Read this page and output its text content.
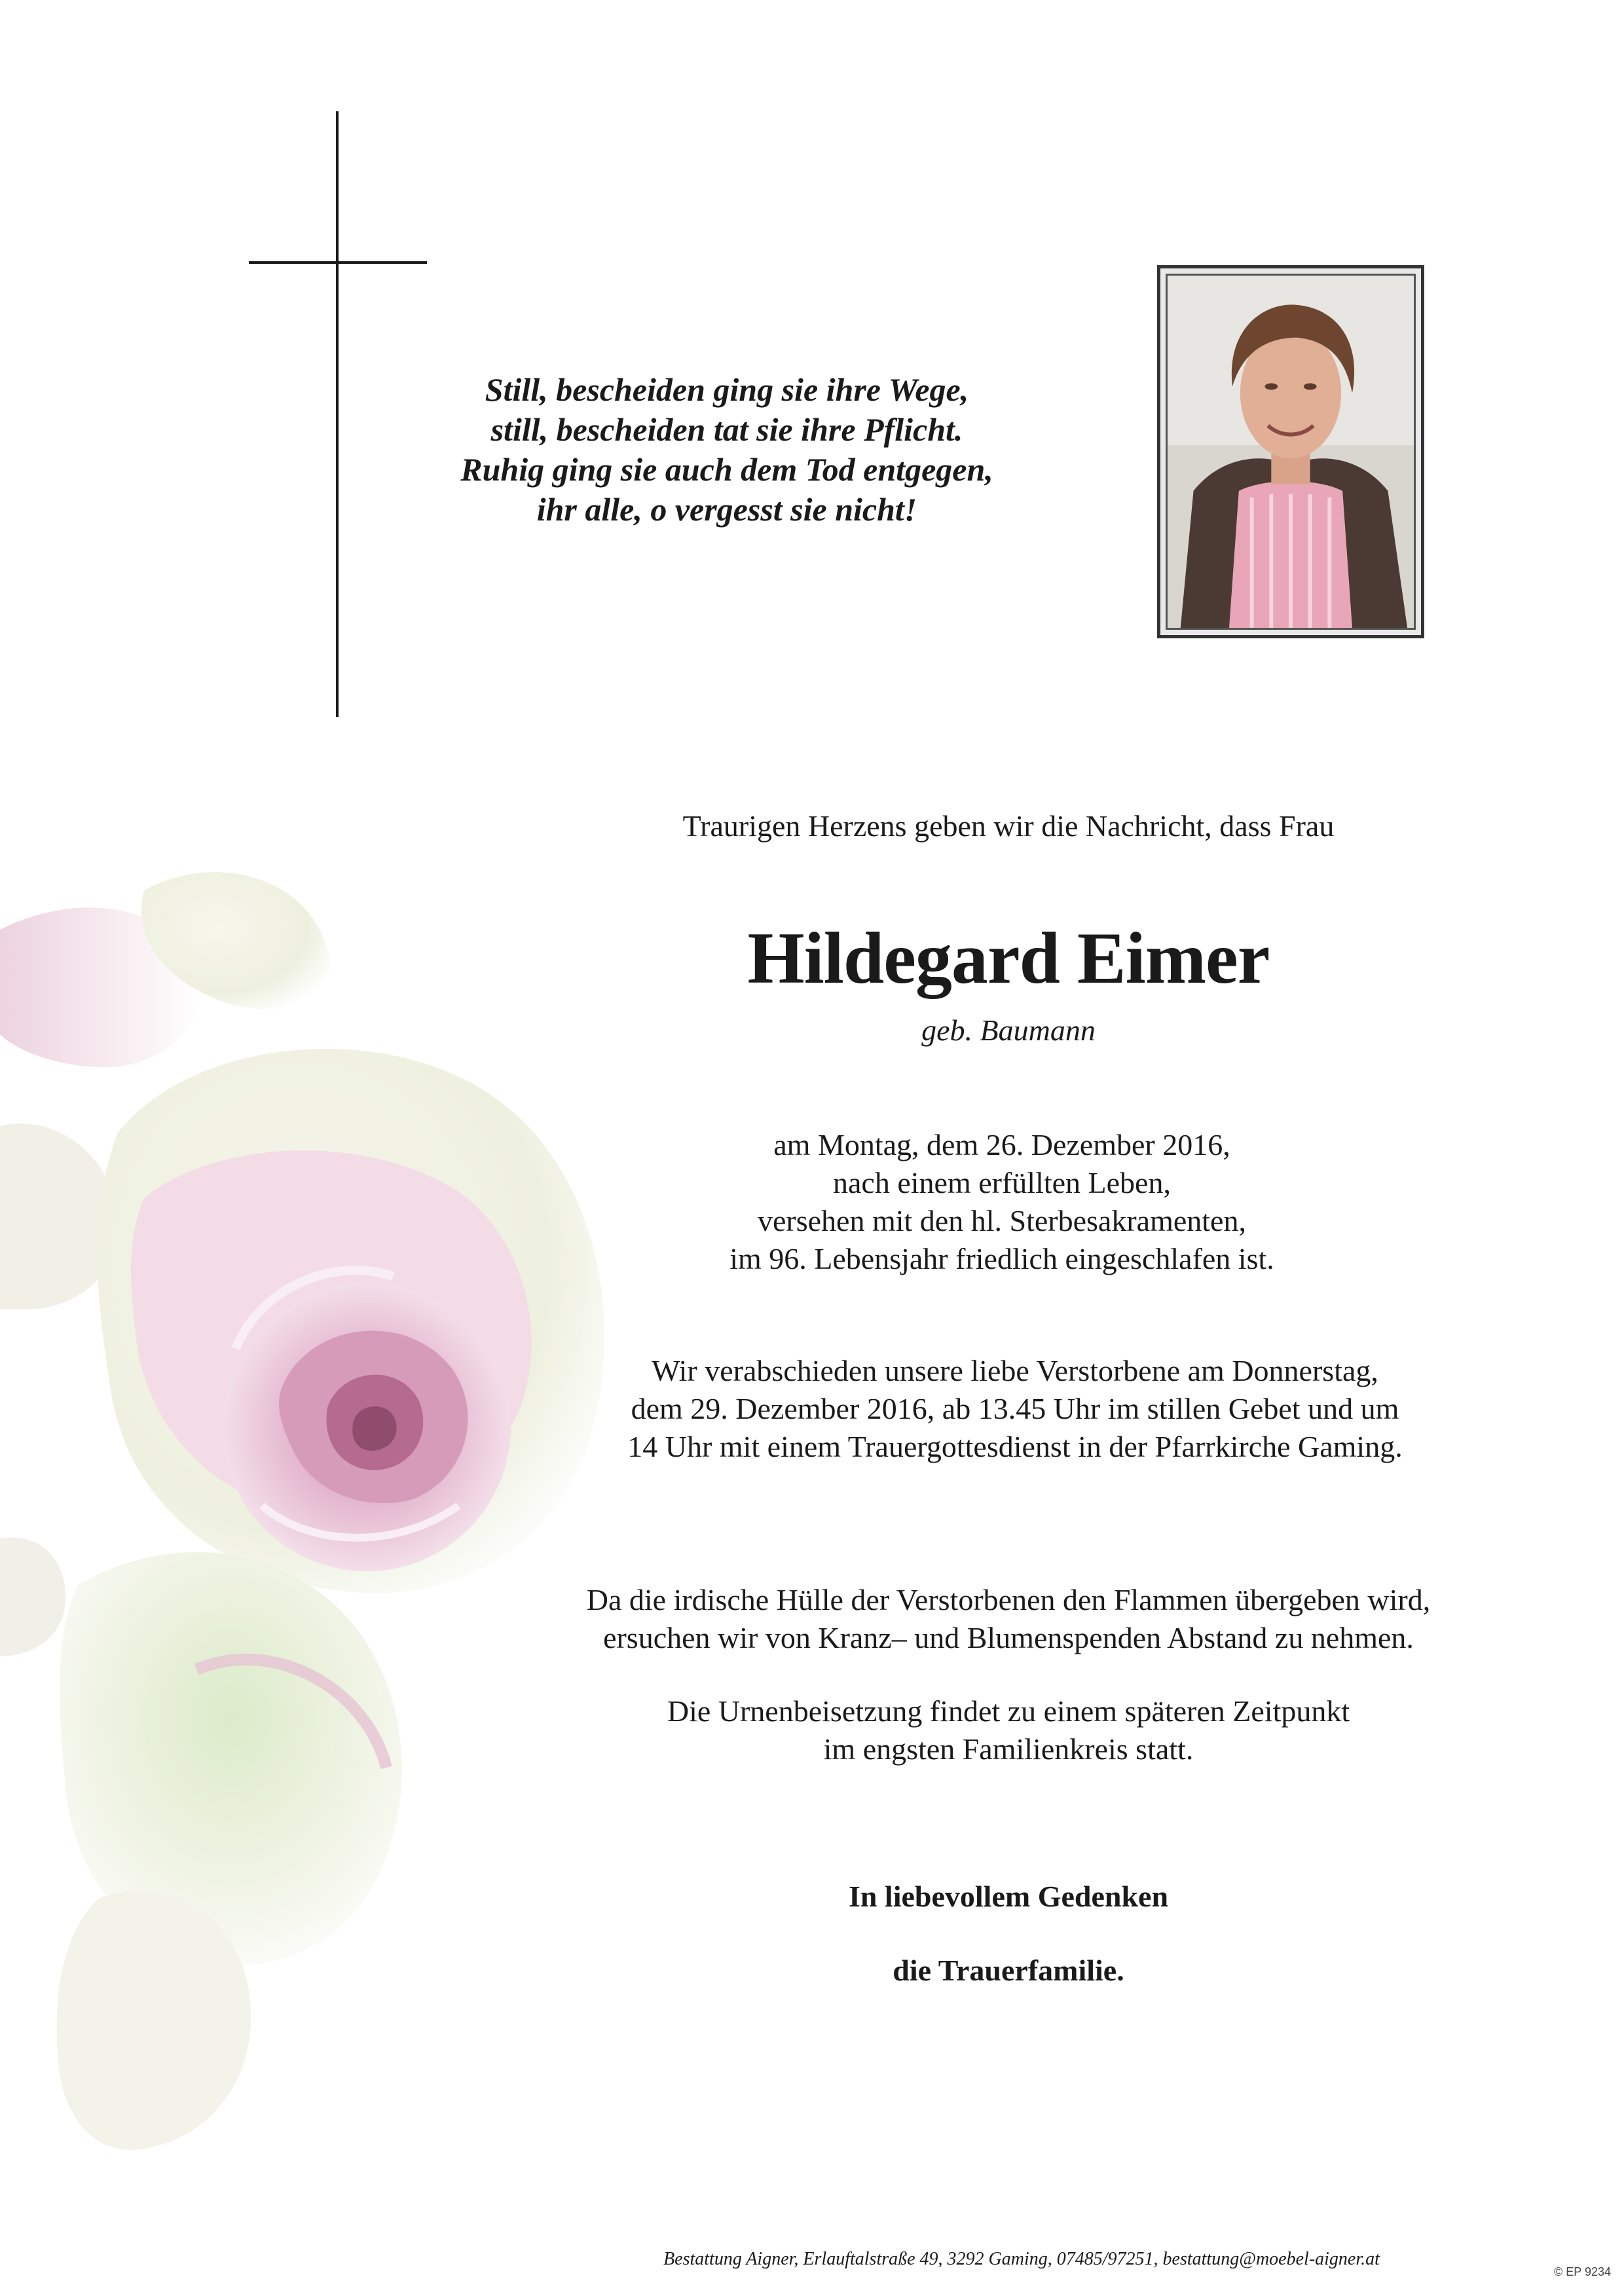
Still, bescheiden ging sie ihre Wege,
still, bescheiden tat sie ihre Pflicht.
Ruhig ging sie auch dem Tod entgegen,
ihr alle, o vergesst sie nicht!
Traurigen Herzens geben wir die Nachricht, dass Frau
Hildegard Eimer
geb. Baumann
am Montag, dem 26. Dezember 2016,
nach einem erfüllten Leben,
versehen mit den hl. Sterbesakramenten,
im 96. Lebensjahr friedlich eingeschlafen ist.
Wir verabschieden unsere liebe Verstorbene am Donnerstag,
dem 29. Dezember 2016, ab 13.45 Uhr im stillen Gebet und um
14 Uhr mit einem Trauergottesdienst in der Pfarrkirche Gaming.
Da die irdische Hülle der Verstorbenen den Flammen übergeben wird,
ersuchen wir von Kranz– und Blumenspenden Abstand zu nehmen.
Die Urnenbeisetzung findet zu einem späteren Zeitpunkt
im engsten Familienkreis statt.
In liebevollem Gedenken
die Trauerfamilie.
Bestattung Aigner, Erlauftalstraße 49, 3292 Gaming, 07485/97251, bestattung@moebel-aigner.at
© EP 9234
